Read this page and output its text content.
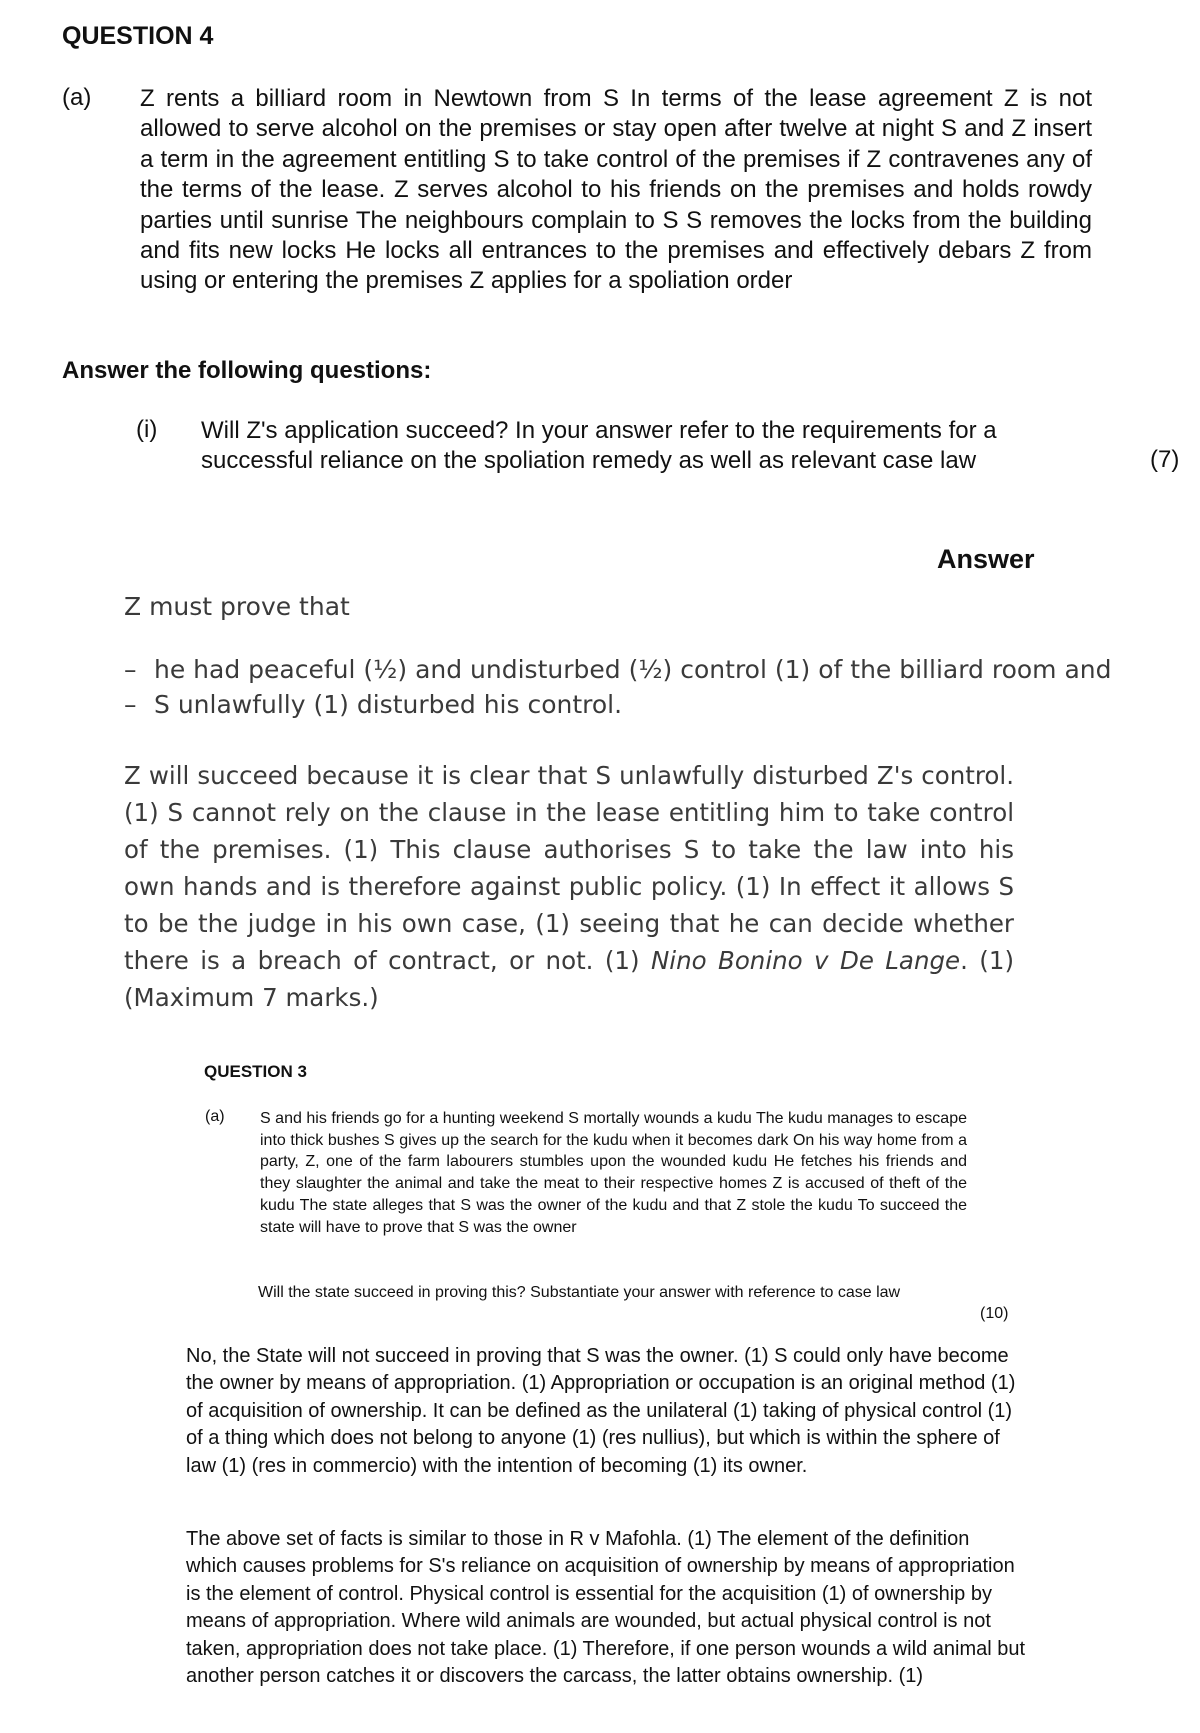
QUESTION 4
(a) Z rents a bilIiard room in Newtown from S In terms of the lease agreement Z is not allowed to serve alcohol on the premises or stay open after twelve at night S and Z insert a term in the agreement entitling S to take control of the premises if Z contravenes any of the terms of the lease. Z serves alcohol to his friends on the premises and holds rowdy parties until sunrise The neighbours complain to S S removes the locks from the building and fits new locks He locks all entrances to the premises and effectively debars Z from using or entering the premises Z applies for a spoliation order
Answer the following questions:
(i) Will Z's application succeed? In your answer refer to the requirements for a successful reliance on the spoliation remedy as well as relevant case law	(7)
Answer
Z must prove that
– he had peaceful (½) and undisturbed (½) control (1) of the billiard room and
– S unlawfully (1) disturbed his control.
Z will succeed because it is clear that S unlawfully disturbed Z's control. (1) S cannot rely on the clause in the lease entitling him to take control of the premises. (1) This clause authorises S to take the law into his own hands and is therefore against public policy. (1) In effect it allows S to be the judge in his own case, (1) seeing that he can decide whether there is a breach of contract, or not. (1) Nino Bonino v De Lange. (1) (Maximum 7 marks.)
QUESTION 3
(a) S and his friends go for a hunting weekend S mortally wounds a kudu The kudu manages to escape into thick bushes S gives up the search for the kudu when it becomes dark On his way home from a party, Z, one of the farm labourers stumbles upon the wounded kudu He fetches his friends and they slaughter the animal and take the meat to their respective homes Z is accused of theft of the kudu The state alleges that S was the owner of the kudu and that Z stole the kudu To succeed the state will have to prove that S was the owner
Will the state succeed in proving this? Substantiate your answer with reference to case law
(10)
No, the State will not succeed in proving that S was the owner. (1) S could only have become the owner by means of appropriation. (1) Appropriation or occupation is an original method (1) of acquisition of ownership. It can be defined as the unilateral (1) taking of physical control (1) of a thing which does not belong to anyone (1) (res nullius), but which is within the sphere of law (1) (res in commercio) with the intention of becoming (1) its owner.
The above set of facts is similar to those in R v Mafohla. (1) The element of the definition which causes problems for S's reliance on acquisition of ownership by means of appropriation is the element of control. Physical control is essential for the acquisition (1) of ownership by means of appropriation. Where wild animals are wounded, but actual physical control is not taken, appropriation does not take place. (1) Therefore, if one person wounds a wild animal but another person catches it or discovers the carcass, the latter obtains ownership. (1)
